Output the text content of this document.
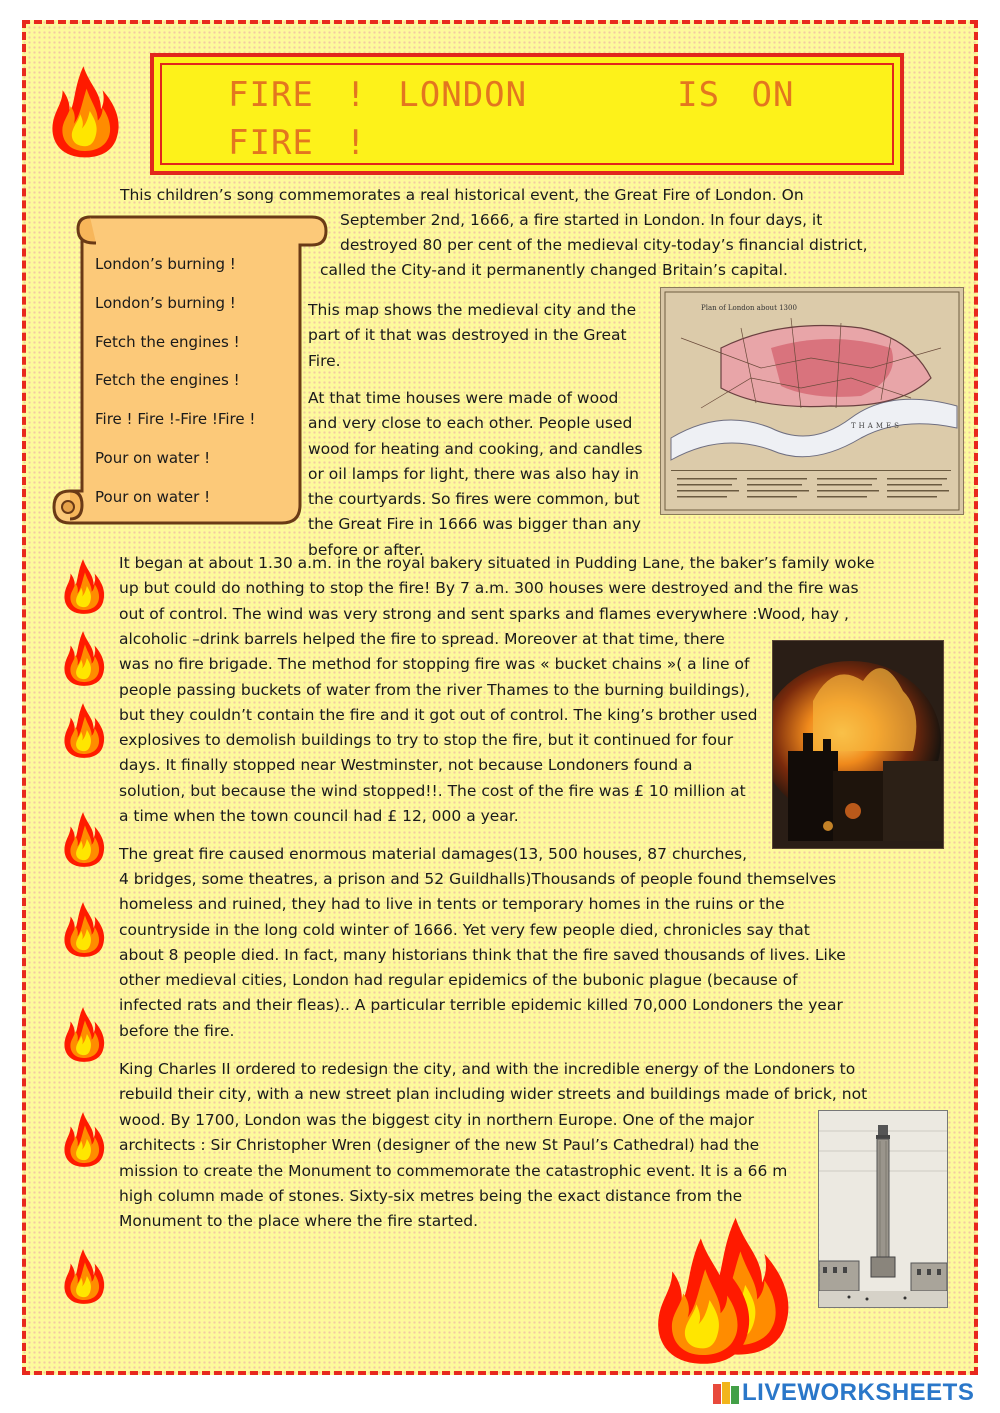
FIRE ! LONDON	IS ON
FIRE !

This children’s song commemorates a real historical event, the Great Fire of London. On

September 2nd, 1666, a fire started in London. In four days, it

destroyed 80 per cent of the medieval city-today’s financial district,

called the City-and it permanently changed Britain’s capital.

London’s burning !
London’s burning !
Fetch the engines !
Fetch the engines !
Fire ! Fire !-Fire !Fire !
Pour on water !
Pour on water !

This map shows the medieval city and the part of it that was destroyed in the Great Fire.

At that time houses were made of wood and very close to each other. People used wood for heating and cooking, and candles or oil lamps for light, there was also hay in the courtyards. So fires were common, but the Great Fire in 1666 was bigger than any before or after.

Plan of London about 1300
THAMES

It began at about 1.30 a.m. in the royal bakery situated in Pudding Lane, the baker’s family woke up but could do nothing to stop the fire! By 7 a.m. 300 houses were destroyed and the fire was out of control. The wind was very strong and sent sparks and flames everywhere :Wood, hay ,

alcoholic –drink barrels helped the fire to spread. Moreover at that time, there was no fire brigade. The method for stopping fire was « bucket chains »( a line of people passing buckets of water from the river Thames to the burning buildings), but they couldn’t contain the fire and it got out of control. The king’s brother used explosives to demolish buildings to try to stop the fire, but it continued for four days. It finally stopped near Westminster, not because Londoners found a solution, but because the wind stopped!!. The cost of the fire was £ 10 million at a time when the town council had £ 12, 000 a year.

The great fire caused enormous material damages(13, 500 houses, 87 churches,

4 bridges, some theatres, a prison and 52 Guildhalls)Thousands of people found themselves homeless and ruined, they had to live in tents or temporary homes in the ruins or the countryside in the long cold winter of 1666. Yet very few people died, chronicles say that about 8 people died. In fact, many historians think that the fire saved thousands of lives. Like other medieval cities, London had regular epidemics of the bubonic plague (because of infected rats and their fleas).. A particular terrible epidemic killed 70,000 Londoners the year before the fire.

King Charles II ordered to redesign the city, and with the incredible energy of the Londoners to rebuild their city, with a new street plan including wider streets and buildings made of brick, not

wood. By 1700, London was the biggest city in northern Europe. One of the major architects : Sir Christopher Wren (designer of the new St Paul’s Cathedral) had the mission to create the Monument to commemorate the catastrophic event. It is a 66 m high column made of stones. Sixty-six metres being the exact distance from the Monument to the place where the fire started.

LIVEWORKSHEETS
